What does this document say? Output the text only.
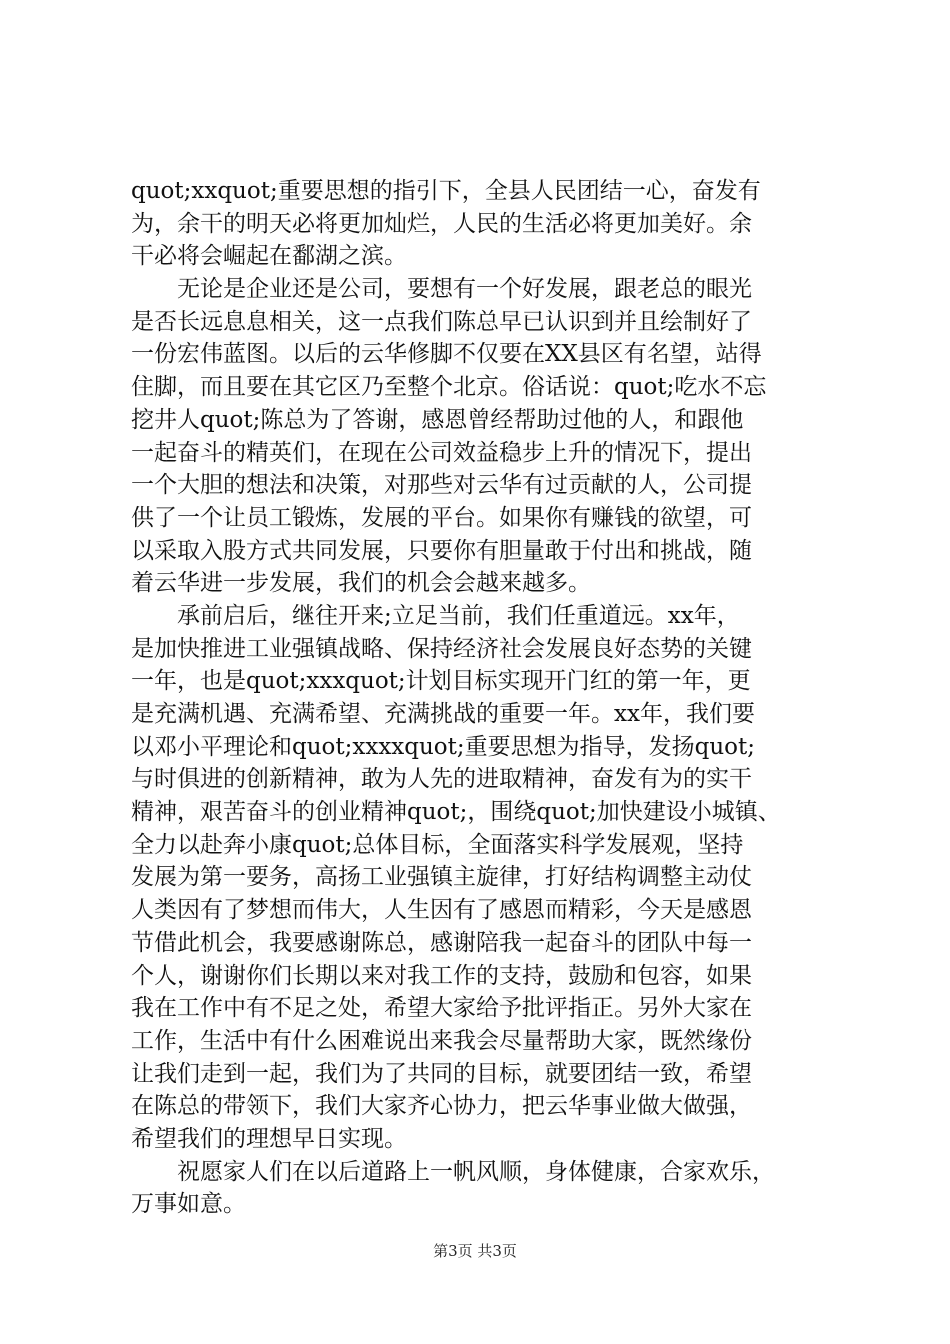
quot;xxquot;重要思想的指引下，全县人民团结一心，奋发有
为，余干的明天必将更加灿烂，人民的生活必将更加美好。余
干必将会崛起在鄱湖之滨。
　　无论是企业还是公司，要想有一个好发展，跟老总的眼光
是否长远息息相关，这一点我们陈总早已认识到并且绘制好了
一份宏伟蓝图。以后的云华修脚不仅要在XX县区有名望，站得
住脚，而且要在其它区乃至整个北京。俗话说：quot;吃水不忘
挖井人quot;陈总为了答谢，感恩曾经帮助过他的人，和跟他
一起奋斗的精英们，在现在公司效益稳步上升的情况下，提出
一个大胆的想法和决策，对那些对云华有过贡献的人，公司提
供了一个让员工锻炼，发展的平台。如果你有赚钱的欲望，可
以采取入股方式共同发展，只要你有胆量敢于付出和挑战，随
着云华进一步发展，我们的机会会越来越多。
　　承前启后，继往开来;立足当前，我们任重道远。xx年，
是加快推进工业强镇战略、保持经济社会发展良好态势的关键
一年，也是quot;xxxquot;计划目标实现开门红的第一年，更
是充满机遇、充满希望、充满挑战的重要一年。xx年，我们要
以邓小平理论和quot;xxxxquot;重要思想为指导，发扬quot;
与时俱进的创新精神，敢为人先的进取精神，奋发有为的实干
精神，艰苦奋斗的创业精神quot;，围绕quot;加快建设小城镇、
全力以赴奔小康quot;总体目标，全面落实科学发展观，坚持
发展为第一要务，高扬工业强镇主旋律，打好结构调整主动仗
人类因有了梦想而伟大，人生因有了感恩而精彩，今天是感恩
节借此机会，我要感谢陈总，感谢陪我一起奋斗的团队中每一
个人，谢谢你们长期以来对我工作的支持，鼓励和包容，如果
我在工作中有不足之处，希望大家给予批评指正。另外大家在
工作，生活中有什么困难说出来我会尽量帮助大家，既然缘份
让我们走到一起，我们为了共同的目标，就要团结一致，希望
在陈总的带领下，我们大家齐心协力，把云华事业做大做强，
希望我们的理想早日实现。
　　祝愿家人们在以后道路上一帆风顺，身体健康，合家欢乐，
万事如意。
第3页 共3页
